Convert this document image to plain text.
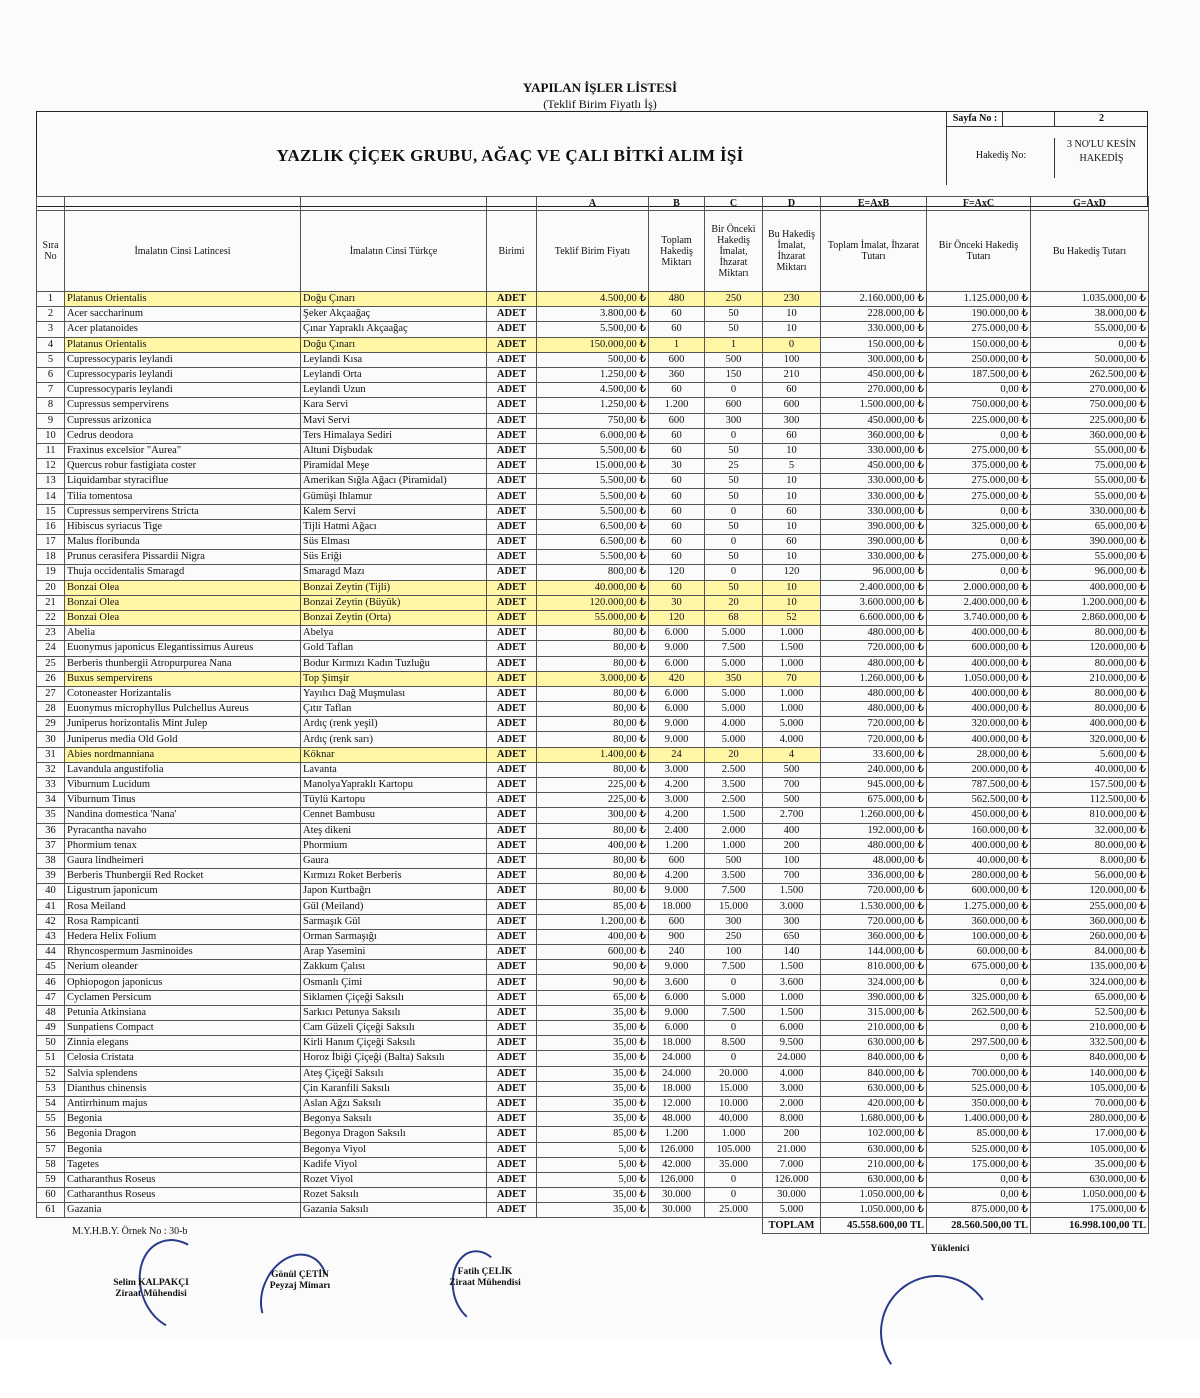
YAPILAN İŞLER LİSTESİ
(Teklif Birim Fiyatlı İş)
YAZLIK ÇİÇEK GRUBU, AĞAÇ VE ÇALI BİTKİ ALIM İŞİ
Sayfa No :	2
Hakediş No:
3 NO'LU KESİN HAKEDİŞ
				A	B	C	D	E=AxB	F=AxC	G=AxD
Sıra No	İmalatın Cinsi Latincesi	İmalatın Cinsi Türkçe	Birimi	Teklif Birim Fiyatı	Toplam Hakediş Miktarı	Bir Önceki Hakediş İmalat, İhzarat Miktarı	Bu Hakediş İmalat, İhzarat Miktarı	Toplam İmalat, İhzarat Tutarı	Bir Önceki Hakediş Tutarı	Bu Hakediş Tutarı
1	Platanus Orientalis	Doğu Çınarı	ADET	4.500,00 ₺	480	250	230	2.160.000,00 ₺	1.125.000,00 ₺	1.035.000,00 ₺
2	Acer saccharinum	Şeker Akçaağaç	ADET	3.800,00 ₺	60	50	10	228.000,00 ₺	190.000,00 ₺	38.000,00 ₺
3	Acer platanoides	Çınar Yapraklı Akçaağaç	ADET	5.500,00 ₺	60	50	10	330.000,00 ₺	275.000,00 ₺	55.000,00 ₺
4	Platanus Orientalis	Doğu Çınarı	ADET	150.000,00 ₺	1	1	0	150.000,00 ₺	150.000,00 ₺	0,00 ₺
5	Cupressocyparis leylandi	Leylandi Kısa	ADET	500,00 ₺	600	500	100	300.000,00 ₺	250.000,00 ₺	50.000,00 ₺
6	Cupressocyparis leylandi	Leylandi Orta	ADET	1.250,00 ₺	360	150	210	450.000,00 ₺	187.500,00 ₺	262.500,00 ₺
7	Cupressocyparis leylandi	Leylandi Uzun	ADET	4.500,00 ₺	60	0	60	270.000,00 ₺	0,00 ₺	270.000,00 ₺
8	Cupressus sempervirens	Kara Servi	ADET	1.250,00 ₺	1.200	600	600	1.500.000,00 ₺	750.000,00 ₺	750.000,00 ₺
9	Cupressus arizonica	Mavi Servi	ADET	750,00 ₺	600	300	300	450.000,00 ₺	225.000,00 ₺	225.000,00 ₺
10	Cedrus deodora	Ters Himalaya Sediri	ADET	6.000,00 ₺	60	0	60	360.000,00 ₺	0,00 ₺	360.000,00 ₺
11	Fraxinus excelsior "Aurea"	Altuni Dişbudak	ADET	5.500,00 ₺	60	50	10	330.000,00 ₺	275.000,00 ₺	55.000,00 ₺
12	Quercus robur fastigiata coster	Piramidal Meşe	ADET	15.000,00 ₺	30	25	5	450.000,00 ₺	375.000,00 ₺	75.000,00 ₺
13	Liquidambar styraciflue	Amerikan Sığla Ağacı (Piramidal)	ADET	5.500,00 ₺	60	50	10	330.000,00 ₺	275.000,00 ₺	55.000,00 ₺
14	Tilia tomentosa	Gümüşi Ihlamur	ADET	5.500,00 ₺	60	50	10	330.000,00 ₺	275.000,00 ₺	55.000,00 ₺
15	Cupressus sempervirens Stricta	Kalem Servi	ADET	5.500,00 ₺	60	0	60	330.000,00 ₺	0,00 ₺	330.000,00 ₺
16	Hibiscus syriacus Tige	Tijli Hatmi Ağacı	ADET	6.500,00 ₺	60	50	10	390.000,00 ₺	325.000,00 ₺	65.000,00 ₺
17	Malus floribunda	Süs Elması	ADET	6.500,00 ₺	60	0	60	390.000,00 ₺	0,00 ₺	390.000,00 ₺
18	Prunus cerasifera Pissardii Nigra	Süs Eriği	ADET	5.500,00 ₺	60	50	10	330.000,00 ₺	275.000,00 ₺	55.000,00 ₺
19	Thuja occidentalis Smaragd	Smaragd Mazı	ADET	800,00 ₺	120	0	120	96.000,00 ₺	0,00 ₺	96.000,00 ₺
20	Bonzai Olea	Bonzai Zeytin (Tijli)	ADET	40.000,00 ₺	60	50	10	2.400.000,00 ₺	2.000.000,00 ₺	400.000,00 ₺
21	Bonzai Olea	Bonzai Zeytin (Büyük)	ADET	120.000,00 ₺	30	20	10	3.600.000,00 ₺	2.400.000,00 ₺	1.200.000,00 ₺
22	Bonzai Olea	Bonzai Zeytin (Orta)	ADET	55.000,00 ₺	120	68	52	6.600.000,00 ₺	3.740.000,00 ₺	2.860.000,00 ₺
23	Abelia	Abelya	ADET	80,00 ₺	6.000	5.000	1.000	480.000,00 ₺	400.000,00 ₺	80.000,00 ₺
24	Euonymus japonicus Elegantissimus Aureus	Gold Taflan	ADET	80,00 ₺	9.000	7.500	1.500	720.000,00 ₺	600.000,00 ₺	120.000,00 ₺
25	Berberis thunbergii Atropurpurea Nana	Bodur Kırmızı Kadın Tuzluğu	ADET	80,00 ₺	6.000	5.000	1.000	480.000,00 ₺	400.000,00 ₺	80.000,00 ₺
26	Buxus sempervirens	Top Şimşir	ADET	3.000,00 ₺	420	350	70	1.260.000,00 ₺	1.050.000,00 ₺	210.000,00 ₺
27	Cotoneaster Horizantalis	Yayılıcı Dağ Muşmulası	ADET	80,00 ₺	6.000	5.000	1.000	480.000,00 ₺	400.000,00 ₺	80.000,00 ₺
28	Euonymus microphyllus Pulchellus Aureus	Çıtır Taflan	ADET	80,00 ₺	6.000	5.000	1.000	480.000,00 ₺	400.000,00 ₺	80.000,00 ₺
29	Juniperus horizontalis Mint Julep	Ardıç (renk yeşil)	ADET	80,00 ₺	9.000	4.000	5.000	720.000,00 ₺	320.000,00 ₺	400.000,00 ₺
30	Juniperus media Old Gold	Ardıç (renk sarı)	ADET	80,00 ₺	9.000	5.000	4.000	720.000,00 ₺	400.000,00 ₺	320.000,00 ₺
31	Abies nordmanniana	Köknar	ADET	1.400,00 ₺	24	20	4	33.600,00 ₺	28.000,00 ₺	5.600,00 ₺
32	Lavandula angustifolia	Lavanta	ADET	80,00 ₺	3.000	2.500	500	240.000,00 ₺	200.000,00 ₺	40.000,00 ₺
33	Viburnum Lucidum	ManolyaYapraklı Kartopu	ADET	225,00 ₺	4.200	3.500	700	945.000,00 ₺	787.500,00 ₺	157.500,00 ₺
34	Viburnum Tinus	Tüylü Kartopu	ADET	225,00 ₺	3.000	2.500	500	675.000,00 ₺	562.500,00 ₺	112.500,00 ₺
35	Nandina domestica 'Nana'	Cennet Bambusu	ADET	300,00 ₺	4.200	1.500	2.700	1.260.000,00 ₺	450.000,00 ₺	810.000,00 ₺
36	Pyracantha navaho	Ateş dikeni	ADET	80,00 ₺	2.400	2.000	400	192.000,00 ₺	160.000,00 ₺	32.000,00 ₺
37	Phormium tenax	Phormium	ADET	400,00 ₺	1.200	1.000	200	480.000,00 ₺	400.000,00 ₺	80.000,00 ₺
38	Gaura lindheimeri	Gaura	ADET	80,00 ₺	600	500	100	48.000,00 ₺	40.000,00 ₺	8.000,00 ₺
39	Berberis Thunbergii Red Rocket	Kırmızı Roket Berberis	ADET	80,00 ₺	4.200	3.500	700	336.000,00 ₺	280.000,00 ₺	56.000,00 ₺
40	Ligustrum japonicum	Japon Kurtbağrı	ADET	80,00 ₺	9.000	7.500	1.500	720.000,00 ₺	600.000,00 ₺	120.000,00 ₺
41	Rosa Meiland	Gül (Meiland)	ADET	85,00 ₺	18.000	15.000	3.000	1.530.000,00 ₺	1.275.000,00 ₺	255.000,00 ₺
42	Rosa Rampicanti	Sarmaşık Gül	ADET	1.200,00 ₺	600	300	300	720.000,00 ₺	360.000,00 ₺	360.000,00 ₺
43	Hedera Helix Folium	Orman Sarmaşığı	ADET	400,00 ₺	900	250	650	360.000,00 ₺	100.000,00 ₺	260.000,00 ₺
44	Rhyncospermum Jasminoides	Arap Yasemini	ADET	600,00 ₺	240	100	140	144.000,00 ₺	60.000,00 ₺	84.000,00 ₺
45	Nerium oleander	Zakkum Çalısı	ADET	90,00 ₺	9.000	7.500	1.500	810.000,00 ₺	675.000,00 ₺	135.000,00 ₺
46	Ophiopogon japonicus	Osmanlı Çimi	ADET	90,00 ₺	3.600	0	3.600	324.000,00 ₺	0,00 ₺	324.000,00 ₺
47	Cyclamen Persicum	Siklamen Çiçeği Saksılı	ADET	65,00 ₺	6.000	5.000	1.000	390.000,00 ₺	325.000,00 ₺	65.000,00 ₺
48	Petunia Atkinsiana	Sarkıcı Petunya Saksılı	ADET	35,00 ₺	9.000	7.500	1.500	315.000,00 ₺	262.500,00 ₺	52.500,00 ₺
49	Sunpatiens Compact	Cam Güzeli Çiçeği Saksılı	ADET	35,00 ₺	6.000	0	6.000	210.000,00 ₺	0,00 ₺	210.000,00 ₺
50	Zinnia elegans	Kirli Hanım Çiçeği Saksılı	ADET	35,00 ₺	18.000	8.500	9.500	630.000,00 ₺	297.500,00 ₺	332.500,00 ₺
51	Celosia Cristata	Horoz İbiği Çiçeği (Balta) Saksılı	ADET	35,00 ₺	24.000	0	24.000	840.000,00 ₺	0,00 ₺	840.000,00 ₺
52	Salvia splendens	Ateş Çiçeği Saksılı	ADET	35,00 ₺	24.000	20.000	4.000	840.000,00 ₺	700.000,00 ₺	140.000,00 ₺
53	Dianthus chinensis	Çin Karanfili Saksılı	ADET	35,00 ₺	18.000	15.000	3.000	630.000,00 ₺	525.000,00 ₺	105.000,00 ₺
54	Antirrhinum majus	Aslan Ağzı Saksılı	ADET	35,00 ₺	12.000	10.000	2.000	420.000,00 ₺	350.000,00 ₺	70.000,00 ₺
55	Begonia	Begonya Saksılı	ADET	35,00 ₺	48.000	40.000	8.000	1.680.000,00 ₺	1.400.000,00 ₺	280.000,00 ₺
56	Begonia Dragon	Begonya Dragon Saksılı	ADET	85,00 ₺	1.200	1.000	200	102.000,00 ₺	85.000,00 ₺	17.000,00 ₺
57	Begonia	Begonya Viyol	ADET	5,00 ₺	126.000	105.000	21.000	630.000,00 ₺	525.000,00 ₺	105.000,00 ₺
58	Tagetes	Kadife Viyol	ADET	5,00 ₺	42.000	35.000	7.000	210.000,00 ₺	175.000,00 ₺	35.000,00 ₺
59	Catharanthus Roseus	Rozet Viyol	ADET	5,00 ₺	126.000	0	126.000	630.000,00 ₺	0,00 ₺	630.000,00 ₺
60	Catharanthus Roseus	Rozet Saksılı	ADET	35,00 ₺	30.000	0	30.000	1.050.000,00 ₺	0,00 ₺	1.050.000,00 ₺
61	Gazania	Gazania Saksılı	ADET	35,00 ₺	30.000	25.000	5.000	1.050.000,00 ₺	875.000,00 ₺	175.000,00 ₺
							TOPLAM	45.558.600,00 TL	28.560.500,00 TL	16.998.100,00 TL
M.Y.H.B.Y. Örnek No : 30-b
Selim KALPAKÇI
Ziraat Mühendisi
Gönül ÇETİN
Peyzaj Mimarı
Fatih ÇELİK
Ziraat Mühendisi
Yüklenici
